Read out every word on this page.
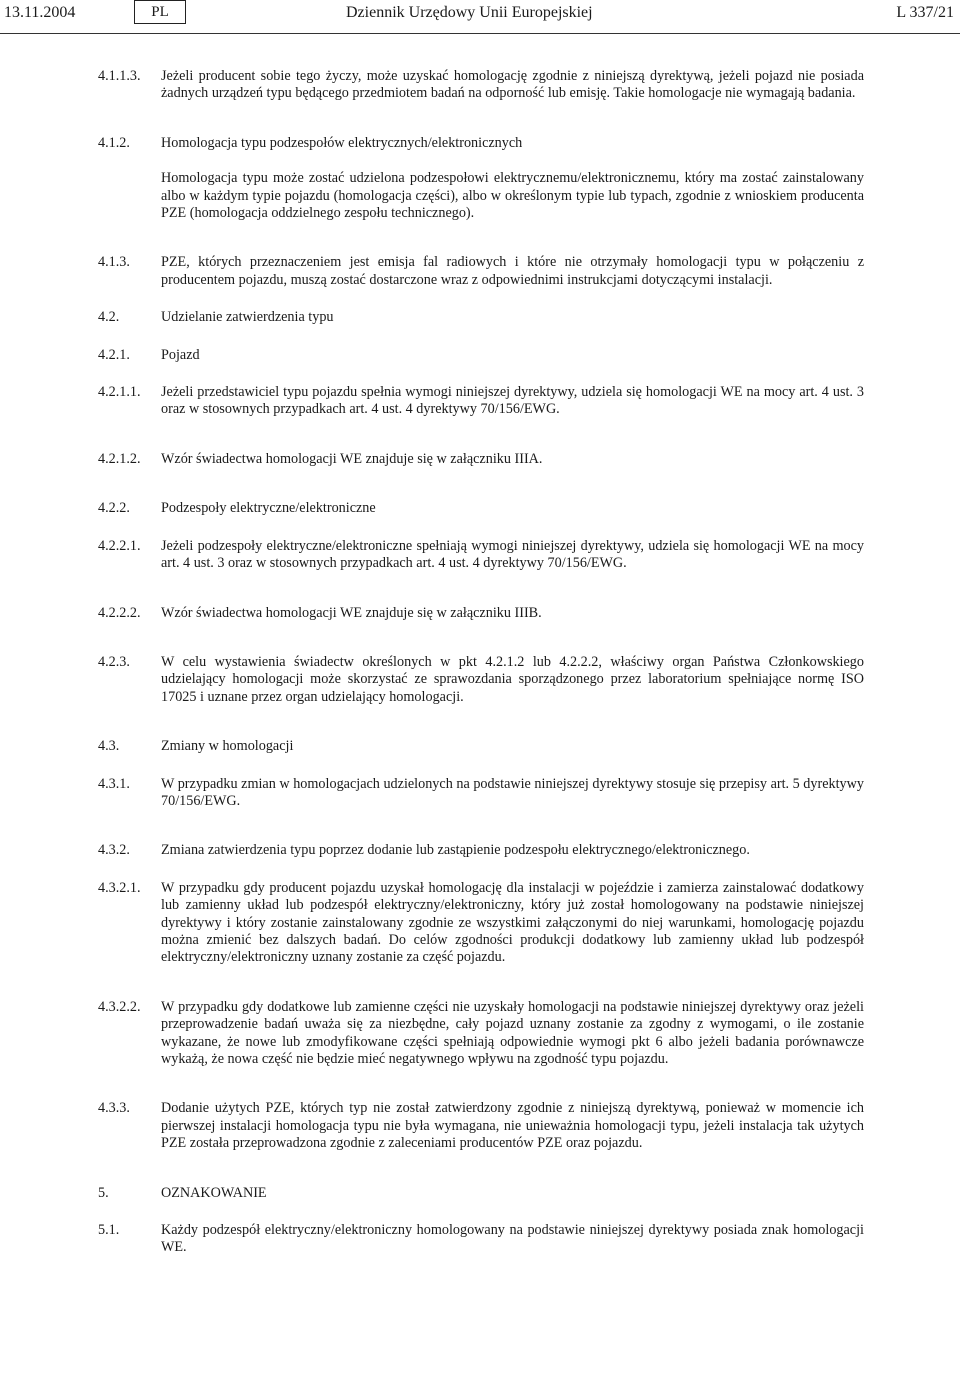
13.11.2004	PL	Dziennik Urzędowy Unii Europejskiej	L 337/21
4.1.1.3. Jeżeli producent sobie tego życzy, może uzyskać homologację zgodnie z niniejszą dyrektywą, jeżeli pojazd nie posiada żadnych urządzeń typu będącego przedmiotem badań na odporność lub emisję. Takie homologacje nie wymagają badania.
4.1.2. Homologacja typu podzespołów elektrycznych/elektronicznych
Homologacja typu może zostać udzielona podzespołowi elektrycznemu/elektronicznemu, który ma zostać zainstalowany albo w każdym typie pojazdu (homologacja części), albo w określonym typie lub typach, zgodnie z wnioskiem producenta PZE (homologacja oddzielnego zespołu technicznego).
4.1.3. PZE, których przeznaczeniem jest emisja fal radiowych i które nie otrzymały homologacji typu w połączeniu z producentem pojazdu, muszą zostać dostarczone wraz z odpowiednimi instrukcjami dotyczącymi instalacji.
4.2.	Udzielanie zatwierdzenia typu
4.2.1. Pojazd
4.2.1.1. Jeżeli przedstawiciel typu pojazdu spełnia wymogi niniejszej dyrektywy, udziela się homologacji WE na mocy art. 4 ust. 3 oraz w stosownych przypadkach art. 4 ust. 4 dyrektywy 70/156/EWG.
4.2.1.2. Wzór świadectwa homologacji WE znajduje się w załączniku IIIA.
4.2.2. Podzespoły elektryczne/elektroniczne
4.2.2.1. Jeżeli podzespoły elektryczne/elektroniczne spełniają wymogi niniejszej dyrektywy, udziela się homologacji WE na mocy art. 4 ust. 3 oraz w stosownych przypadkach art. 4 ust. 4 dyrektywy 70/156/EWG.
4.2.2.2. Wzór świadectwa homologacji WE znajduje się w załączniku IIIB.
4.2.3. W celu wystawienia świadectw określonych w pkt 4.2.1.2 lub 4.2.2.2, właściwy organ Państwa Członkowskiego udzielający homologacji może skorzystać ze sprawozdania sporządzonego przez laboratorium spełniające normę ISO 17025 i uznane przez organ udzielający homologacji.
4.3.	Zmiany w homologacji
4.3.1. W przypadku zmian w homologacjach udzielonych na podstawie niniejszej dyrektywy stosuje się przepisy art. 5 dyrektywy 70/156/EWG.
4.3.2. Zmiana zatwierdzenia typu poprzez dodanie lub zastąpienie podzespołu elektrycznego/elektronicznego.
4.3.2.1. W przypadku gdy producent pojazdu uzyskał homologację dla instalacji w pojeździe i zamierza zainstalować dodatkowy lub zamienny układ lub podzespół elektryczny/elektroniczny, który już został homologowany na podstawie niniejszej dyrektywy i który zostanie zainstalowany zgodnie ze wszystkimi załączonymi do niej warunkami, homologację pojazdu można zmienić bez dalszych badań. Do celów zgodności produkcji dodatkowy lub zamienny układ lub podzespół elektryczny/elektroniczny uznany zostanie za część pojazdu.
4.3.2.2. W przypadku gdy dodatkowe lub zamienne części nie uzyskały homologacji na podstawie niniejszej dyrektywy oraz jeżeli przeprowadzenie badań uważa się za niezbędne, cały pojazd uznany zostanie za zgodny z wymogami, o ile zostanie wykazane, że nowe lub zmodyfikowane części spełniają odpowiednie wymogi pkt 6 albo jeżeli badania porównawcze wykażą, że nowa część nie będzie mieć negatywnego wpływu na zgodność typu pojazdu.
4.3.3. Dodanie użytych PZE, których typ nie został zatwierdzony zgodnie z niniejszą dyrektywą, ponieważ w momencie ich pierwszej instalacji homologacja typu nie była wymagana, nie unieważnia homologacji typu, jeżeli instalacja tak użytych PZE została przeprowadzona zgodnie z zaleceniami producentów PZE oraz pojazdu.
5.	OZNAKOWANIE
5.1.	Każdy podzespół elektryczny/elektroniczny homologowany na podstawie niniejszej dyrektywy posiada znak homologacji WE.
